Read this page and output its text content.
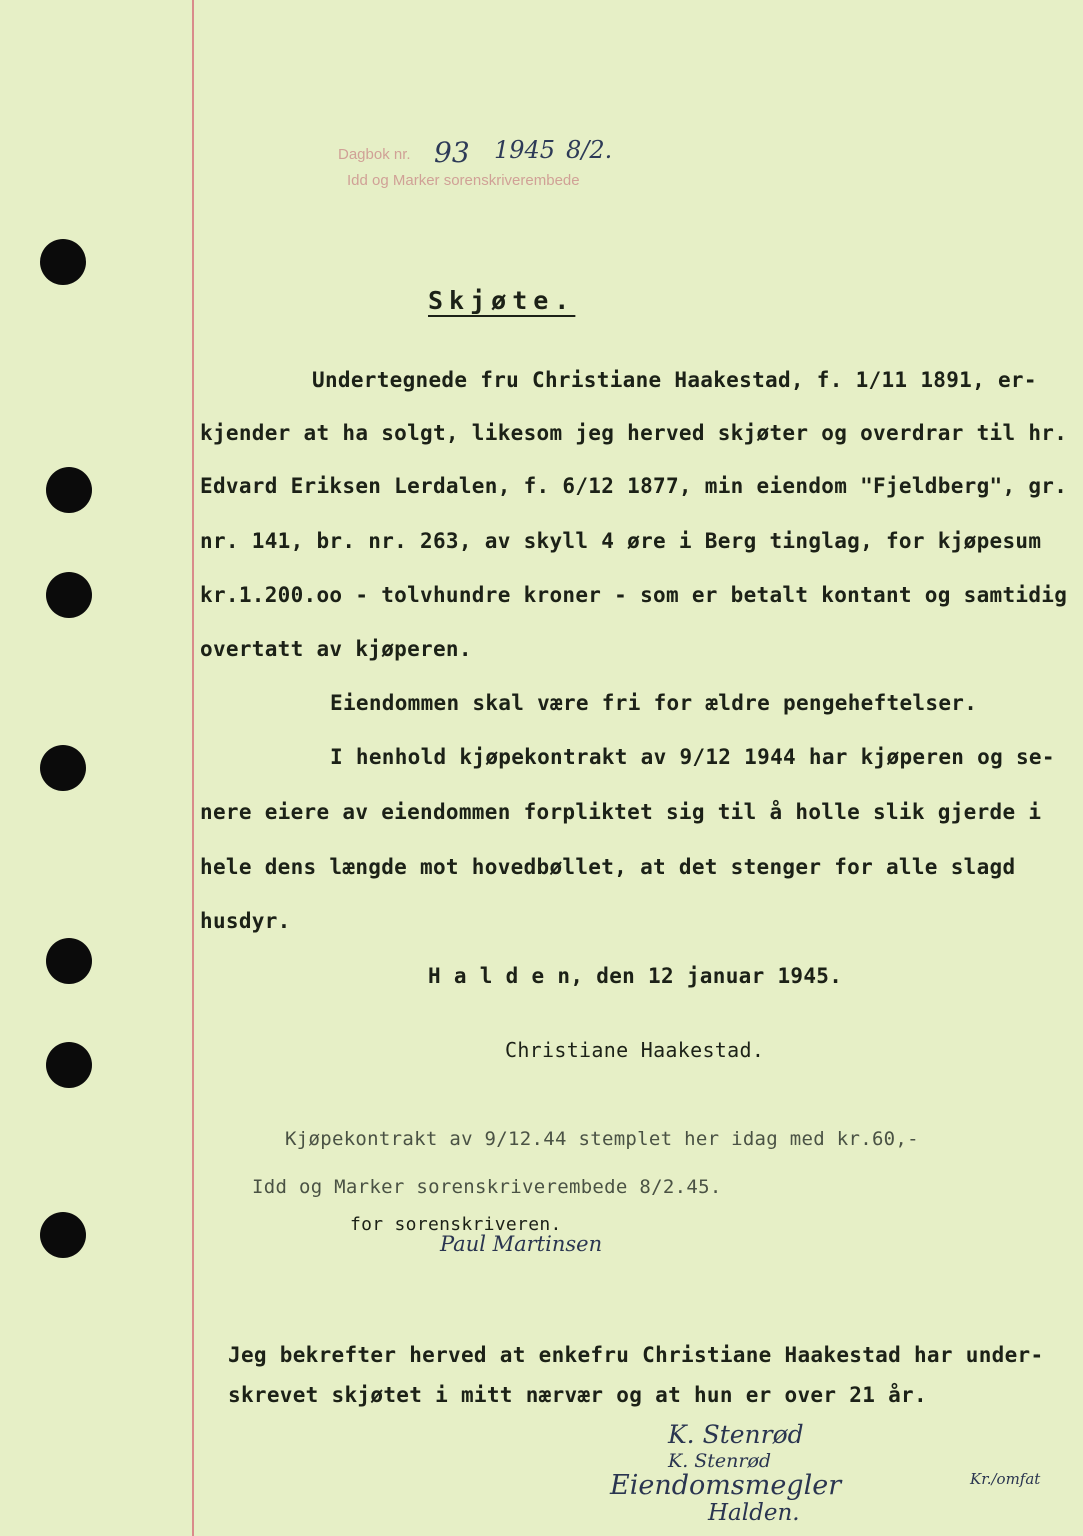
Dagbok nr. 93 1945 8/2.
Idd og Marker sorenskriverembede
Skjøte.
Undertegnede fru Christiane Haakestad, f. 1/11 1891, er-
kjender at ha solgt, likesom jeg herved skjøter og overdrar til hr.
Edvard Eriksen Lerdalen, f. 6/12 1877, min eiendom "Fjeldberg", gr.
nr. 141, br. nr. 263, av skyll 4 øre i Berg tinglag, for kjøpesum
kr.1.200.oo - tolvhundre kroner - som er betalt kontant og samtidig
overtatt av kjøperen.
Eiendommen skal være fri for ældre pengeheftelser.
I henhold kjøpekontrakt av 9/12 1944 har kjøperen og se-
nere eiere av eiendommen forpliktet sig til å holle slik gjerde i
hele dens længde mot hovedbøllet, at det stenger for alle slagd
husdyr.
H a l d e n, den 12 januar 1945.
Christiane Haakestad.
Kjøpekontrakt av 9/12.44 stemplet her idag med kr.60,-
Idd og Marker sorenskriverembede 8/2.45.
for sorenskriveren.
Paul Martinsen
Jeg bekrefter herved at enkefru Christiane Haakestad har under-
skrevet skjøtet i mitt nærvær og at hun er over 21 år.
K. Stenrød
K. Stenrød
Eiendomsmegler	Kr./omfat
Halden.
